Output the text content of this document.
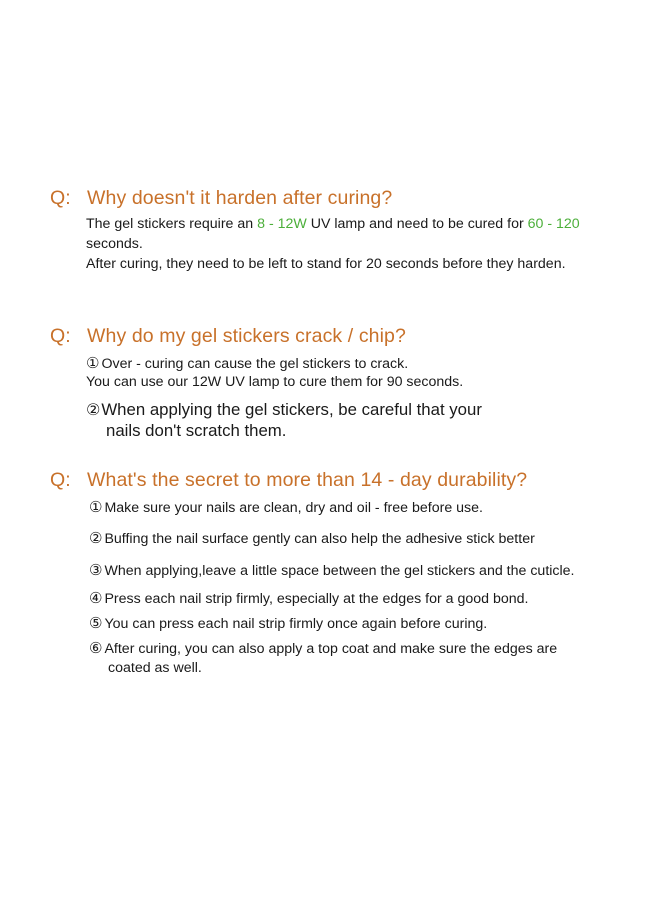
Q: Why doesn't it harden after curing?
The gel stickers require an 8 - 12W UV lamp and need to be cured for 60 - 120
seconds.
After curing, they need to be left to stand for 20 seconds before they harden.
Q: Why do my gel stickers crack / chip?
① Over - curing can cause the gel stickers to crack.
You can use our 12W UV lamp to cure them for 90 seconds.
②When applying the gel stickers, be careful that your
nails don't scratch them.
Q: What's the secret to more than 14 - day durability?
① Make sure your nails are clean, dry and oil - free before use.
② Buffing the nail surface gently can also help the adhesive stick better
③ When applying,leave a little space between the gel stickers and the cuticle.
④ Press each nail strip firmly, especially at the edges for a good bond.
⑤ You can press each nail strip firmly once again before curing.
⑥ After curing, you can also apply a top coat and make sure the edges are
coated as well.
